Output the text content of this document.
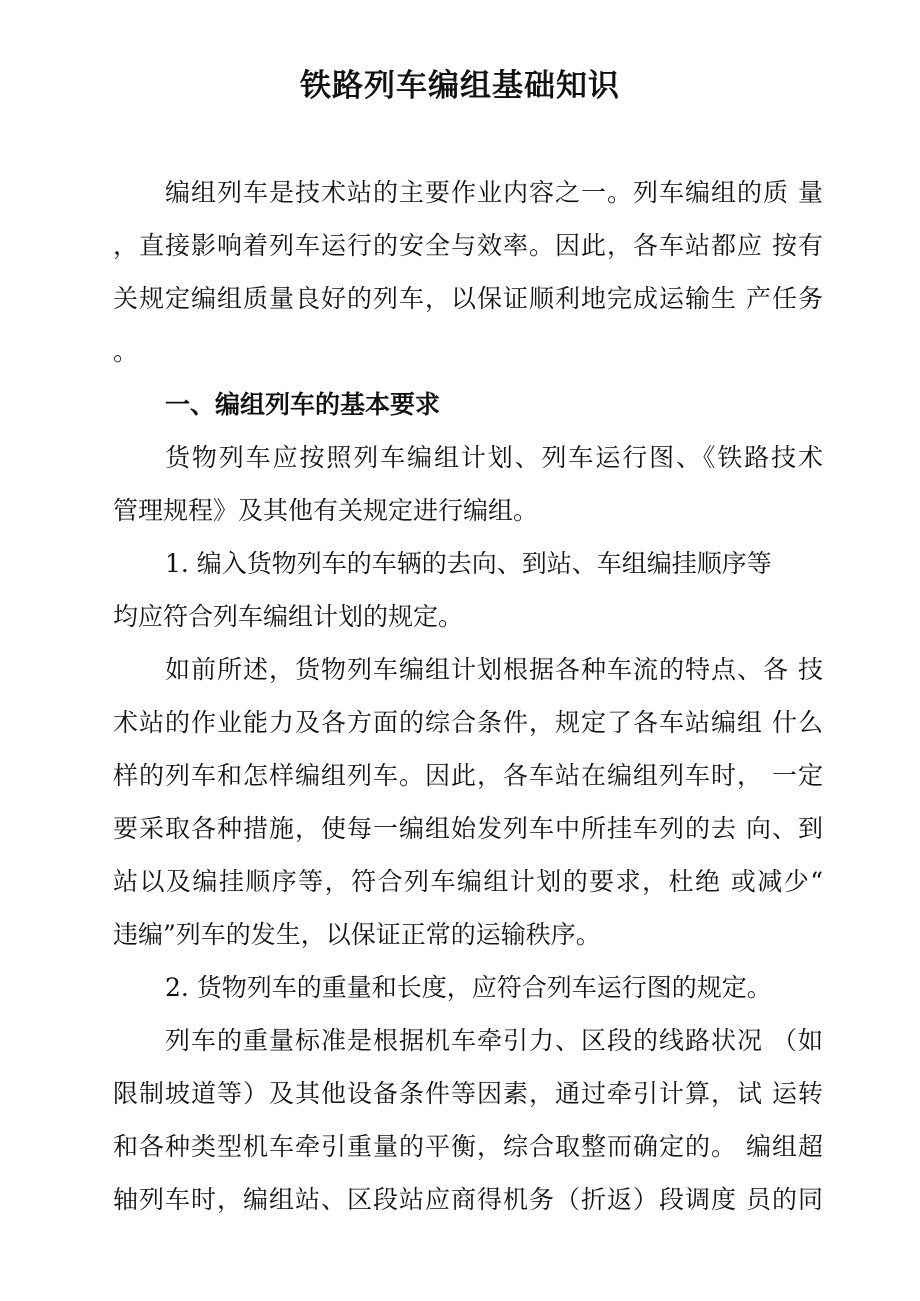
铁路列车编组基础知识
编组列车是技术站的主要作业内容之一。列车编组的质 量
，直接影响着列车运行的安全与效率。因此，各车站都应 按有
关规定编组质量良好的列车，以保证顺利地完成运输生 产任务
。
一、编组列车的基本要求
货物列车应按照列车编组计划、列车运行图、《铁路技术
管理规程》及其他有关规定进行编组。
1. 编入货物列车的车辆的去向、到站、车组编挂顺序等
均应符合列车编组计划的规定。
如前所述，货物列车编组计划根据各种车流的特点、各 技
术站的作业能力及各方面的综合条件，规定了各车站编组 什么
样的列车和怎样编组列车。因此，各车站在编组列车时， 一定
要采取各种措施，使每一编组始发列车中所挂车列的去 向、到
站以及编挂顺序等，符合列车编组计划的要求，杜绝 或减少“
违编”列车的发生，以保证正常的运输秩序。
2. 货物列车的重量和长度，应符合列车运行图的规定。
列车的重量标准是根据机车牵引力、区段的线路状况 （如
限制坡道等）及其他设备条件等因素，通过牵引计算，试 运转
和各种类型机车牵引重量的平衡，综合取整而确定的。 编组超
轴列车时，编组站、区段站应商得机务（折返）段调度 员的同
